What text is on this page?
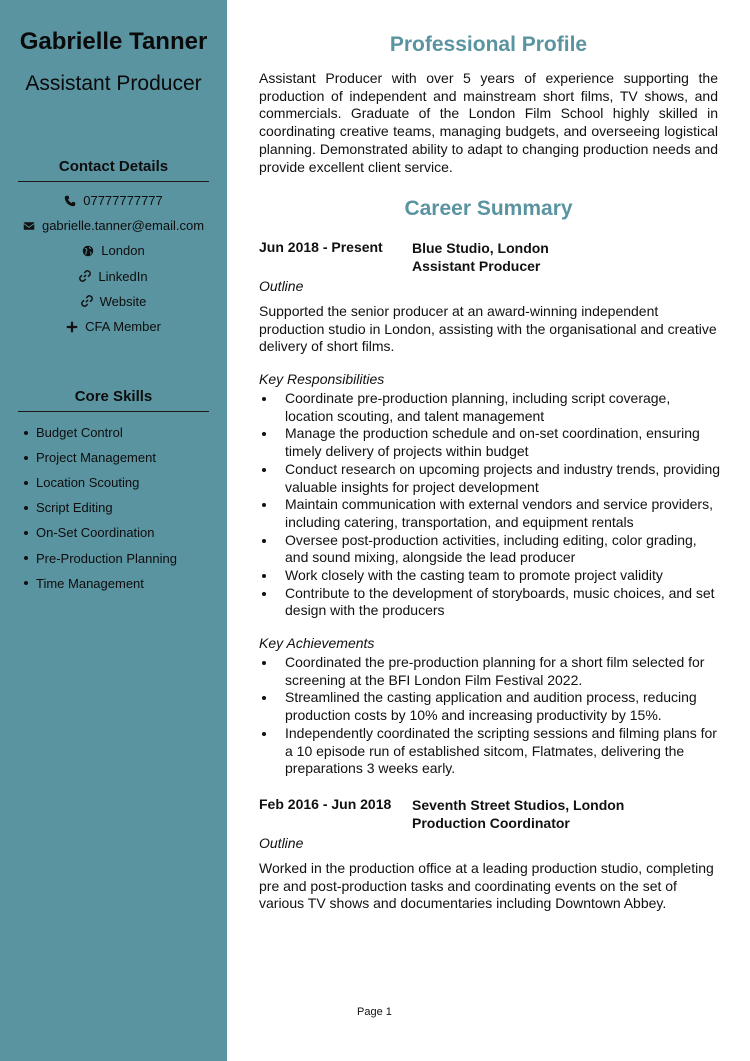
Gabrielle Tanner
Assistant Producer
Contact Details
07777777777
gabrielle.tanner@email.com
London
LinkedIn
Website
CFA Member
Core Skills
Budget Control
Project Management
Location Scouting
Script Editing
On-Set Coordination
Pre-Production Planning
Time Management
Professional Profile

Assistant Producer with over 5 years of experience supporting the production of independent and mainstream short films, TV shows, and commercials. Graduate of the London Film School highly skilled in coordinating creative teams, managing budgets, and overseeing logistical planning. Demonstrated ability to adapt to changing production needs and provide excellent client service.

Career Summary
Jun 2018 - Present Blue Studio, London
Assistant Producer
Outline

Supported the senior producer at an award-winning independent production studio in London, assisting with the organisational and creative delivery of short films.

Key Responsibilities
Coordinate pre-production planning, including script coverage, location scouting, and talent management
Manage the production schedule and on-set coordination, ensuring timely delivery of projects within budget
Conduct research on upcoming projects and industry trends, providing valuable insights for project development
Maintain communication with external vendors and service providers, including catering, transportation, and equipment rentals
Oversee post-production activities, including editing, color grading, and sound mixing, alongside the lead producer
Work closely with the casting team to promote project validity
Contribute to the development of storyboards, music choices, and set design with the producers
Key Achievements
Coordinated the pre-production planning for a short film selected for screening at the BFI London Film Festival 2022.
Streamlined the casting application and audition process, reducing production costs by 10% and increasing productivity by 15%.
Independently coordinated the scripting sessions and filming plans for a 10 episode run of established sitcom, Flatmates, delivering the preparations 3 weeks early.
Feb 2016 - Jun 2018 Seventh Street Studios, London
Production Coordinator
Outline

Worked in the production office at a leading production studio, completing pre and post-production tasks and coordinating events on the set of various TV shows and documentaries including Downtown Abbey.

Page 1
